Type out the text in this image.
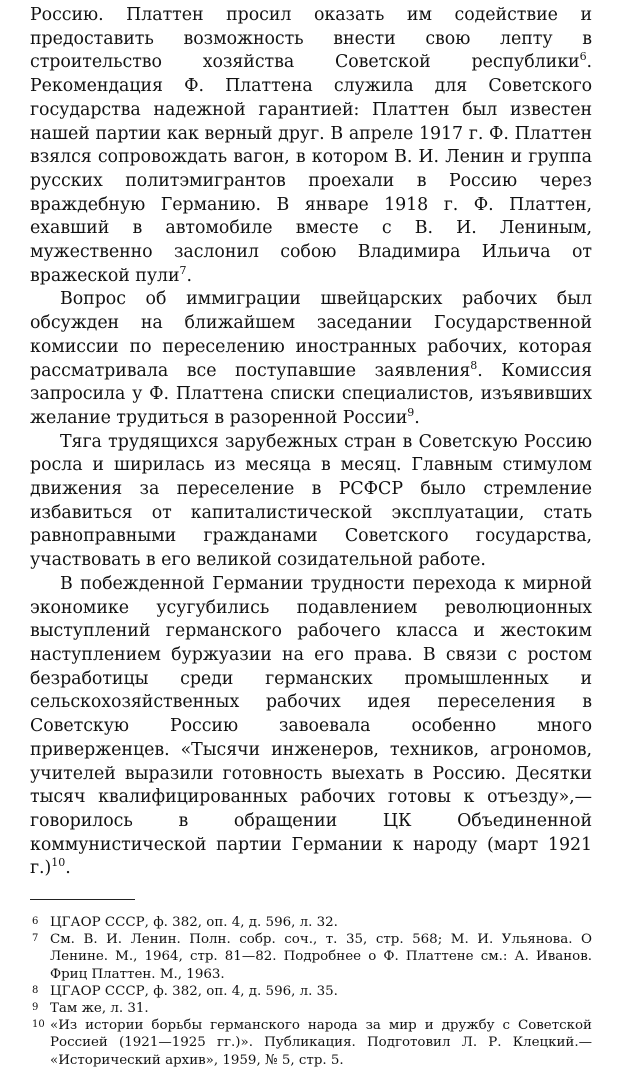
Россию. Платтен просил оказать им содействие и предоставить возможность внести свою лепту в строительство хозяйства Советской республики$^6$. Рекомендация Ф. Платтена служила для Советского государства надежной гарантией: Платтен был известен нашей партии как верный друг. В апреле 1917 г. Ф. Платтен взялся сопровождать вагон, в котором В. И. Ленин и группа русских политэмигрантов проехали в Россию через враждебную Германию. В январе 1918 г. Ф. Платтен, ехавший в автомобиле вместе с В. И. Лениным, мужественно заслонил собою Владимира Ильича от вражеской пули$^7$.

Вопрос об иммиграции швейцарских рабочих был обсужден на ближайшем заседании Государственной комиссии по переселению иностранных рабочих, которая рассматривала все поступавшие заявления$^8$. Комиссия запросила у Ф. Платтена списки специалистов, изъявивших желание трудиться в разоренной России$^9$.

Тяга трудящихся зарубежных стран в Советскую Россию росла и ширилась из месяца в месяц. Главным стимулом движения за переселение в РСФСР было стремление избавиться от капиталистической эксплуатации, стать равноправными гражданами Советского государства, участвовать в его великой созидательной работе.

В побежденной Германии трудности перехода к мирной экономике усугубились подавлением революционных выступлений германского рабочего класса и жестоким наступлением буржуазии на его права. В связи с ростом безработицы среди германских промышленных и сельскохозяйственных рабочих идея переселения в Советскую Россию завоевала особенно много приверженцев. «Тысячи инженеров, техников, агрономов, учителей выразили готовность выехать в Россию. Десятки тысяч квалифицированных рабочих готовы к отъезду»,— говорилось в обращении ЦК Объединенной коммунистической партии Германии к народу (март 1921 г.)$^{10}$.

6 ЦГАОР СССР, ф. 382, оп. 4, д. 596, л. 32.

7 См. В. И. Ленин. Полн. собр. соч., т. 35, стр. 568; М. И. Ульянова. О Ленине. М., 1964, стр. 81—82. Подробнее о Ф. Платтене см.: А. Иванов. Фриц Платтен. М., 1963.

8 ЦГАОР СССР, ф. 382, оп. 4, д. 596, л. 35.

9 Там же, л. 31.

10 «Из истории борьбы германского народа за мир и дружбу с Советской Россией (1921—1925 гг.)». Публикация. Подготовил Л. Р. Клецкий.— «Исторический архив», 1959, № 5, стр. 5.
